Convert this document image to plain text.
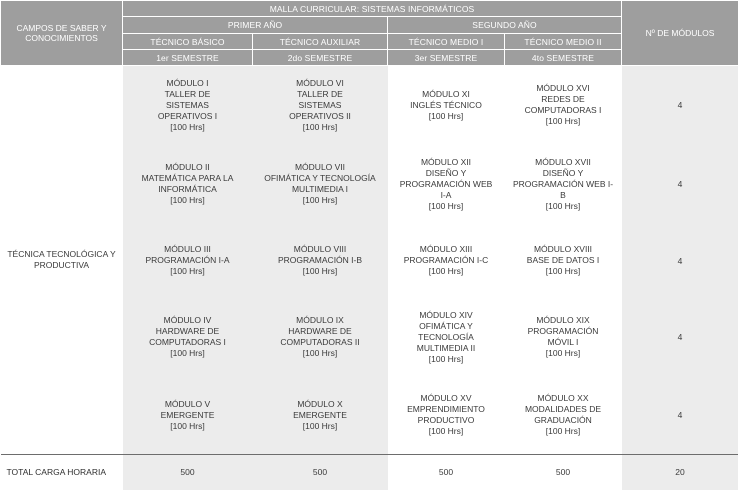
CAMPOS DE SABER Y CONOCIMIENTOS	MALLA CURRICULAR: SISTEMAS INFORMÁTICOS				Nº DE MÓDULOS
	PRIMER AÑO		SEGUNDO AÑO		
	TÉCNICO BÁSICO	TÉCNICO AUXILIAR	TÉCNICO MEDIO I	TÉCNICO MEDIO II	
	1er SEMESTRE	2do SEMESTRE	3er SEMESTRE	4to SEMESTRE	
TÉCNICA TECNOLÓGICA Y PRODUCTIVA	MÓDULO I
TALLER DE SISTEMAS OPERATIVOS I
[100 Hrs]	MÓDULO VI
TALLER DE SISTEMAS OPERATIVOS II
[100 Hrs]	MÓDULO XI
INGLÉS TÉCNICO
[100 Hrs]	MÓDULO XVI
REDES DE COMPUTADORAS I
[100 Hrs]	4

	MÓDULO II
MATEMÁTICA PARA LA INFORMÁTICA
[100 Hrs]	MÓDULO VII
OFIMÁTICA Y TECNOLOGÍA MULTIMEDIA I
[100 Hrs]	MÓDULO XII
DISEÑO Y PROGRAMACIÓN WEB I-A
[100 Hrs]	MÓDULO XVII
DISEÑO Y PROGRAMACIÓN WEB I-B
[100 Hrs]	4

	MÓDULO III
PROGRAMACIÓN I-A
[100 Hrs]	MÓDULO VIII
PROGRAMACIÓN I-B
[100 Hrs]	MÓDULO XIII
PROGRAMACIÓN I-C
[100 Hrs]	MÓDULO XVIII
BASE DE DATOS I
[100 Hrs]	4

	MÓDULO IV
HARDWARE DE COMPUTADORAS I
[100 Hrs]	MÓDULO IX
HARDWARE DE COMPUTADORAS II
[100 Hrs]	MÓDULO XIV
OFIMÁTICA Y TECNOLOGÍA MULTIMEDIA II
[100 Hrs]	MÓDULO XIX
PROGRAMACIÓN MÓVIL I
[100 Hrs]	4

	MÓDULO V
EMERGENTE
[100 Hrs]	MÓDULO X
EMERGENTE
[100 Hrs]	MÓDULO XV
EMPRENDIMIENTO PRODUCTIVO
[100 Hrs]	MÓDULO XX
MODALIDADES DE GRADUACIÓN
[100 Hrs]	4
TOTAL CARGA HORARIA	500	500	500	500	20
